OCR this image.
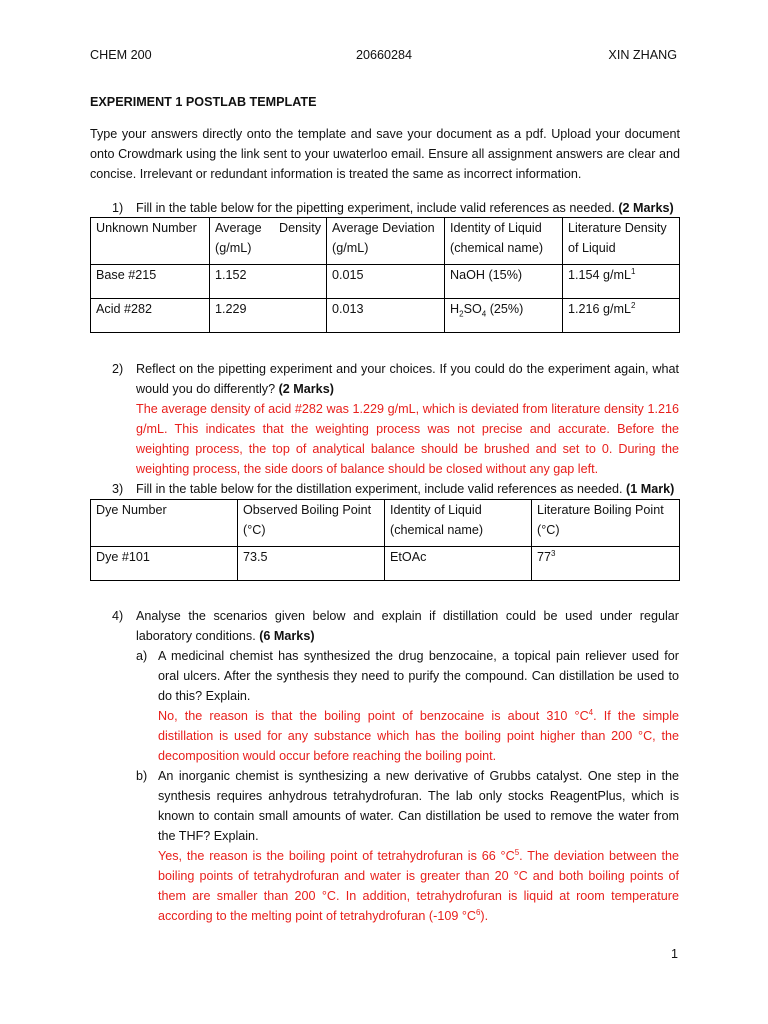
CHEM 200	20660284	XIN ZHANG
EXPERIMENT 1 POSTLAB TEMPLATE
Type your answers directly onto the template and save your document as a pdf. Upload your document onto Crowdmark using the link sent to your uwaterloo email. Ensure all assignment answers are clear and concise. Irrelevant or redundant information is treated the same as incorrect information.
1) Fill in the table below for the pipetting experiment, include valid references as needed. (2 Marks)
Unknown Number	Average Density (g/mL)	Average Deviation (g/mL)	Identity of Liquid (chemical name)	Literature Density of Liquid
Base #215	1.152	0.015	NaOH (15%)	1.154 $g/mL^1$
Acid #282	1.229	0.013	$H_2SO_4$ (25%)	1.216 $g/mL^2$
2) Reflect on the pipetting experiment and your choices. If you could do the experiment again, what would you do differently? (2 Marks)
The average density of acid #282 was 1.229 g/mL, which is deviated from literature density 1.216 g/mL. This indicates that the weighting process was not precise and accurate. Before the weighting process, the top of analytical balance should be brushed and set to 0. During the weighting process, the side doors of balance should be closed without any gap left.
3) Fill in the table below for the distillation experiment, include valid references as needed. (1 Mark)
Dye Number	Observed Boiling Point (°C)	Identity of Liquid (chemical name)	Literature Boiling Point (°C)
Dye #101	73.5	EtOAc	$77^3$
4) Analyse the scenarios given below and explain if distillation could be used under regular laboratory conditions. (6 Marks)
a) A medicinal chemist has synthesized the drug benzocaine, a topical pain reliever used for oral ulcers. After the synthesis they need to purify the compound. Can distillation be used to do this? Explain.
No, the reason is that the boiling point of benzocaine is about 310 $^\circ C^4$. If the simple distillation is used for any substance which has the boiling point higher than 200 °C, the decomposition would occur before reaching the boiling point.
b) An inorganic chemist is synthesizing a new derivative of Grubbs catalyst. One step in the synthesis requires anhydrous tetrahydrofuran. The lab only stocks ReagentPlus, which is known to contain small amounts of water. Can distillation be used to remove the water from the THF? Explain.
Yes, the reason is the boiling point of tetrahydrofuran is 66 $^\circ C^5$. The deviation between the boiling points of tetrahydrofuran and water is greater than 20 °C and both boiling points of them are smaller than 200 °C. In addition, tetrahydrofuran is liquid at room temperature according to the melting point of tetrahydrofuran (-109 $^\circ C^6$).
1
